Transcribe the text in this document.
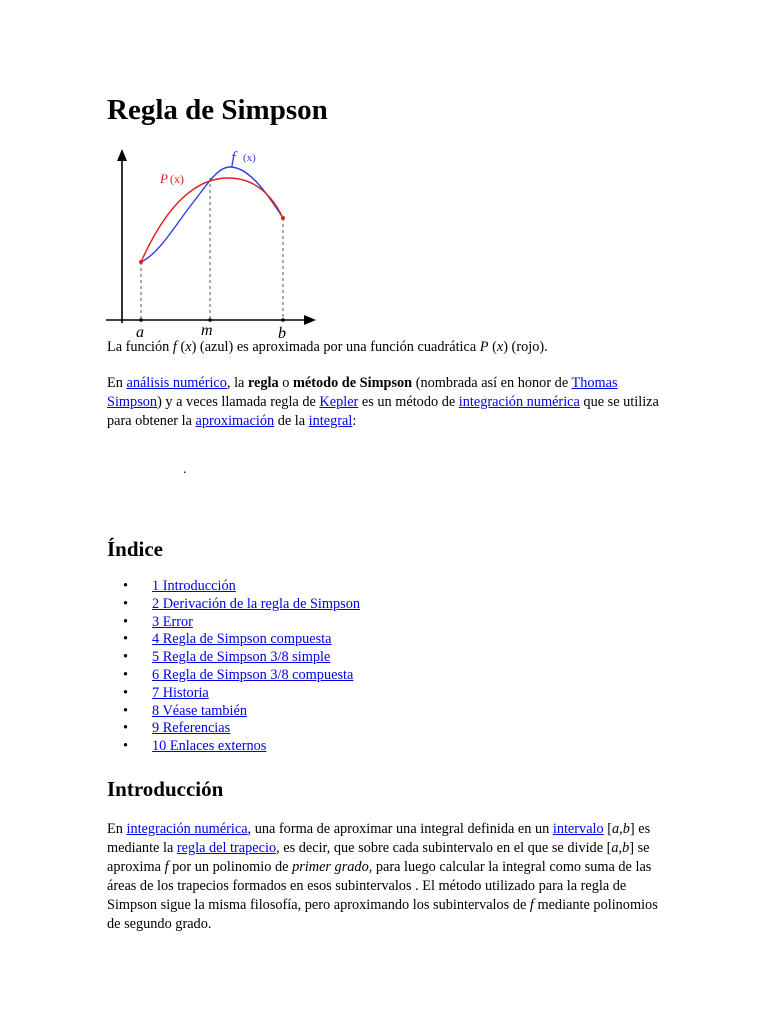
Regla de Simpson
f (x)
P (x)
a	m	b

La función f (x) (azul) es aproximada por una función cuadrática P (x) (rojo).

En análisis numérico, la regla o método de Simpson (nombrada así en honor de Thomas Simpson) y a veces llamada regla de Kepler es un método de integración numérica que se utiliza para obtener la aproximación de la integral:

.
Índice
• 1 Introducción
• 2 Derivación de la regla de Simpson
• 3 Error
• 4 Regla de Simpson compuesta
• 5 Regla de Simpson 3/8 simple
• 6 Regla de Simpson 3/8 compuesta
• 7 Historia
• 8 Véase también
• 9 Referencias
• 10 Enlaces externos
Introducción

En integración numérica, una forma de aproximar una integral definida en un intervalo [a,b] es mediante la regla del trapecio, es decir, que sobre cada subintervalo en el que se divide [a,b] se aproxima f por un polinomio de primer grado, para luego calcular la integral como suma de las áreas de los trapecios formados en esos subintervalos . El método utilizado para la regla de Simpson sigue la misma filosofía, pero aproximando los subintervalos de f mediante polinomios de segundo grado.
